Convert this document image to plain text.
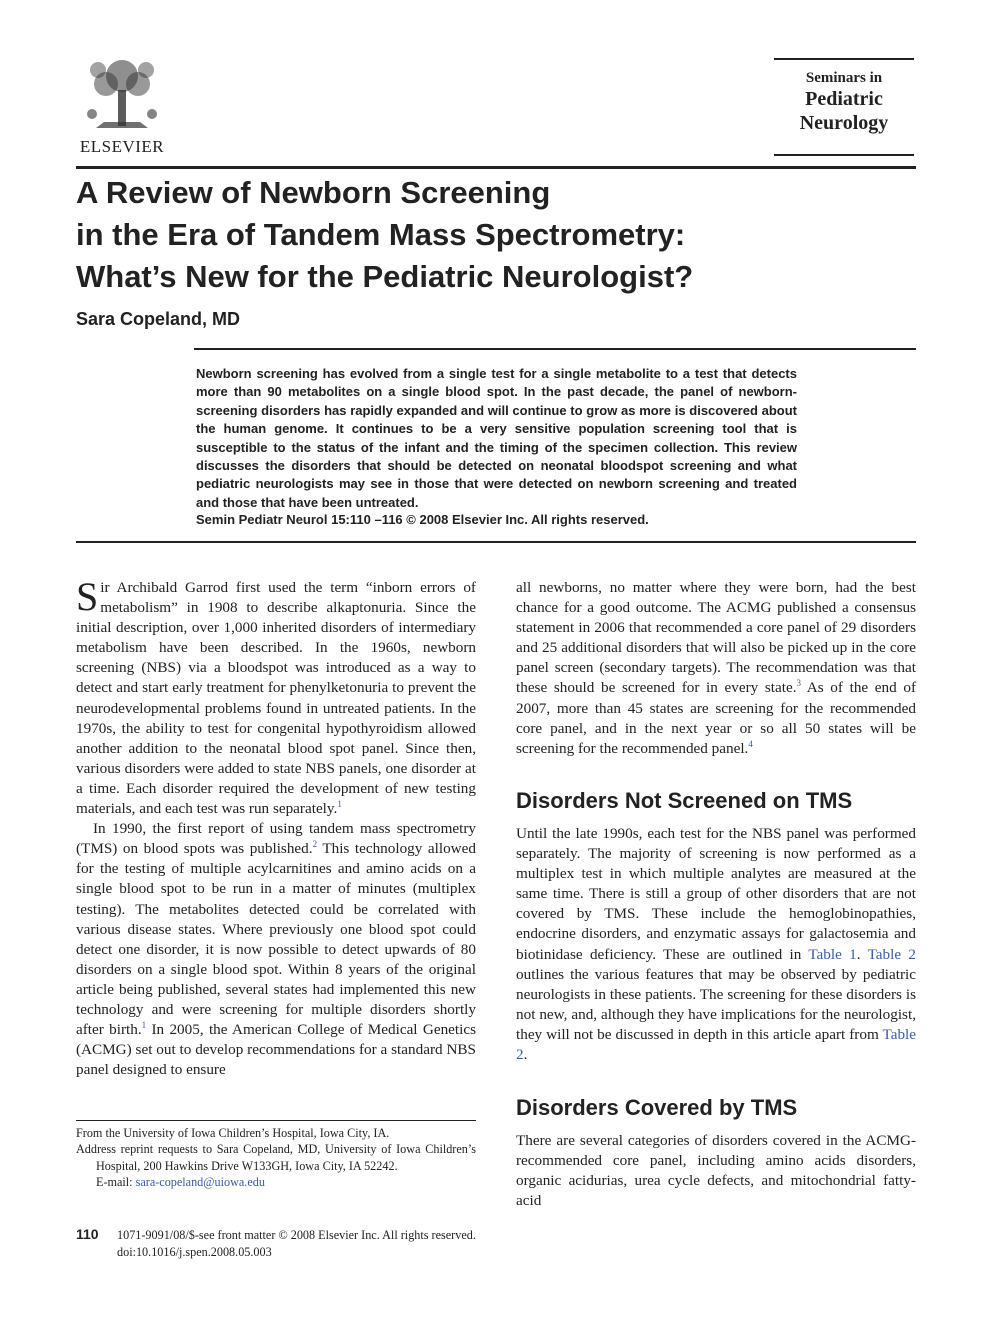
ELSEVIER
Seminars in
Pediatric
Neurology
A Review of Newborn Screening
in the Era of Tandem Mass Spectrometry:
What’s New for the Pediatric Neurologist?
Sara Copeland, MD

Newborn screening has evolved from a single test for a single metabolite to a test that detects more than 90 metabolites on a single blood spot. In the past decade, the panel of newborn-screening disorders has rapidly expanded and will continue to grow as more is discovered about the human genome. It continues to be a very sensitive population screening tool that is susceptible to the status of the infant and the timing of the specimen collection. This review discusses the disorders that should be detected on neonatal bloodspot screening and what pediatric neurologists may see in those that were detected on newborn screening and treated and those that have been untreated.

Semin Pediatr Neurol 15:110 –116 © 2008 Elsevier Inc. All rights reserved.

Sir Archibald Garrod first used the term “inborn errors of metabolism” in 1908 to describe alkaptonuria. Since the initial description, over 1,000 inherited disorders of intermediary metabolism have been described. In the 1960s, newborn screening (NBS) via a bloodspot was introduced as a way to detect and start early treatment for phenylketonuria to prevent the neurodevelopmental problems found in untreated patients. In the 1970s, the ability to test for congenital hypothyroidism allowed another addition to the neonatal blood spot panel. Since then, various disorders were added to state NBS panels, one disorder at a time. Each disorder required the development of new testing materials, and each test was run separately.$^1$

In 1990, the first report of using tandem mass spectrometry (TMS) on blood spots was published.$^2$ This technology allowed for the testing of multiple acylcarnitines and amino acids on a single blood spot to be run in a matter of minutes (multiplex testing). The metabolites detected could be correlated with various disease states. Where previously one blood spot could detect one disorder, it is now possible to detect upwards of 80 disorders on a single blood spot. Within 8 years of the original article being published, several states had implemented this new technology and were screening for multiple disorders shortly after birth.$^1$ In 2005, the American College of Medical Genetics (ACMG) set out to develop recommendations for a standard NBS panel designed to ensure

all newborns, no matter where they were born, had the best chance for a good outcome. The ACMG published a consensus statement in 2006 that recommended a core panel of 29 disorders and 25 additional disorders that will also be picked up in the core panel screen (secondary targets). The recommendation was that these should be screened for in every state.$^3$ As of the end of 2007, more than 45 states are screening for the recommended core panel, and in the next year or so all 50 states will be screening for the recommended panel.$^4$

Disorders Not Screened on TMS

Until the late 1990s, each test for the NBS panel was performed separately. The majority of screening is now performed as a multiplex test in which multiple analytes are measured at the same time. There is still a group of other disorders that are not covered by TMS. These include the hemoglobinopathies, endocrine disorders, and enzymatic assays for galactosemia and biotinidase deficiency. These are outlined in Table 1. Table 2 outlines the various features that may be observed by pediatric neurologists in these patients. The screening for these disorders is not new, and, although they have implications for the neurologist, they will not be discussed in depth in this article apart from Table 2.

Disorders Covered by TMS

There are several categories of disorders covered in the ACMG-recommended core panel, including amino acids disorders, organic acidurias, urea cycle defects, and mitochondrial fatty-acid

From the University of Iowa Children’s Hospital, Iowa City, IA.

Address reprint requests to Sara Copeland, MD, University of Iowa Children’s Hospital, 200 Hawkins Drive W133GH, Iowa City, IA 52242.

E-mail: sara-copeland@uiowa.edu

110 1071-9091/08/$-see front matter © 2008 Elsevier Inc. All rights reserved.
doi:10.1016/j.spen.2008.05.003
